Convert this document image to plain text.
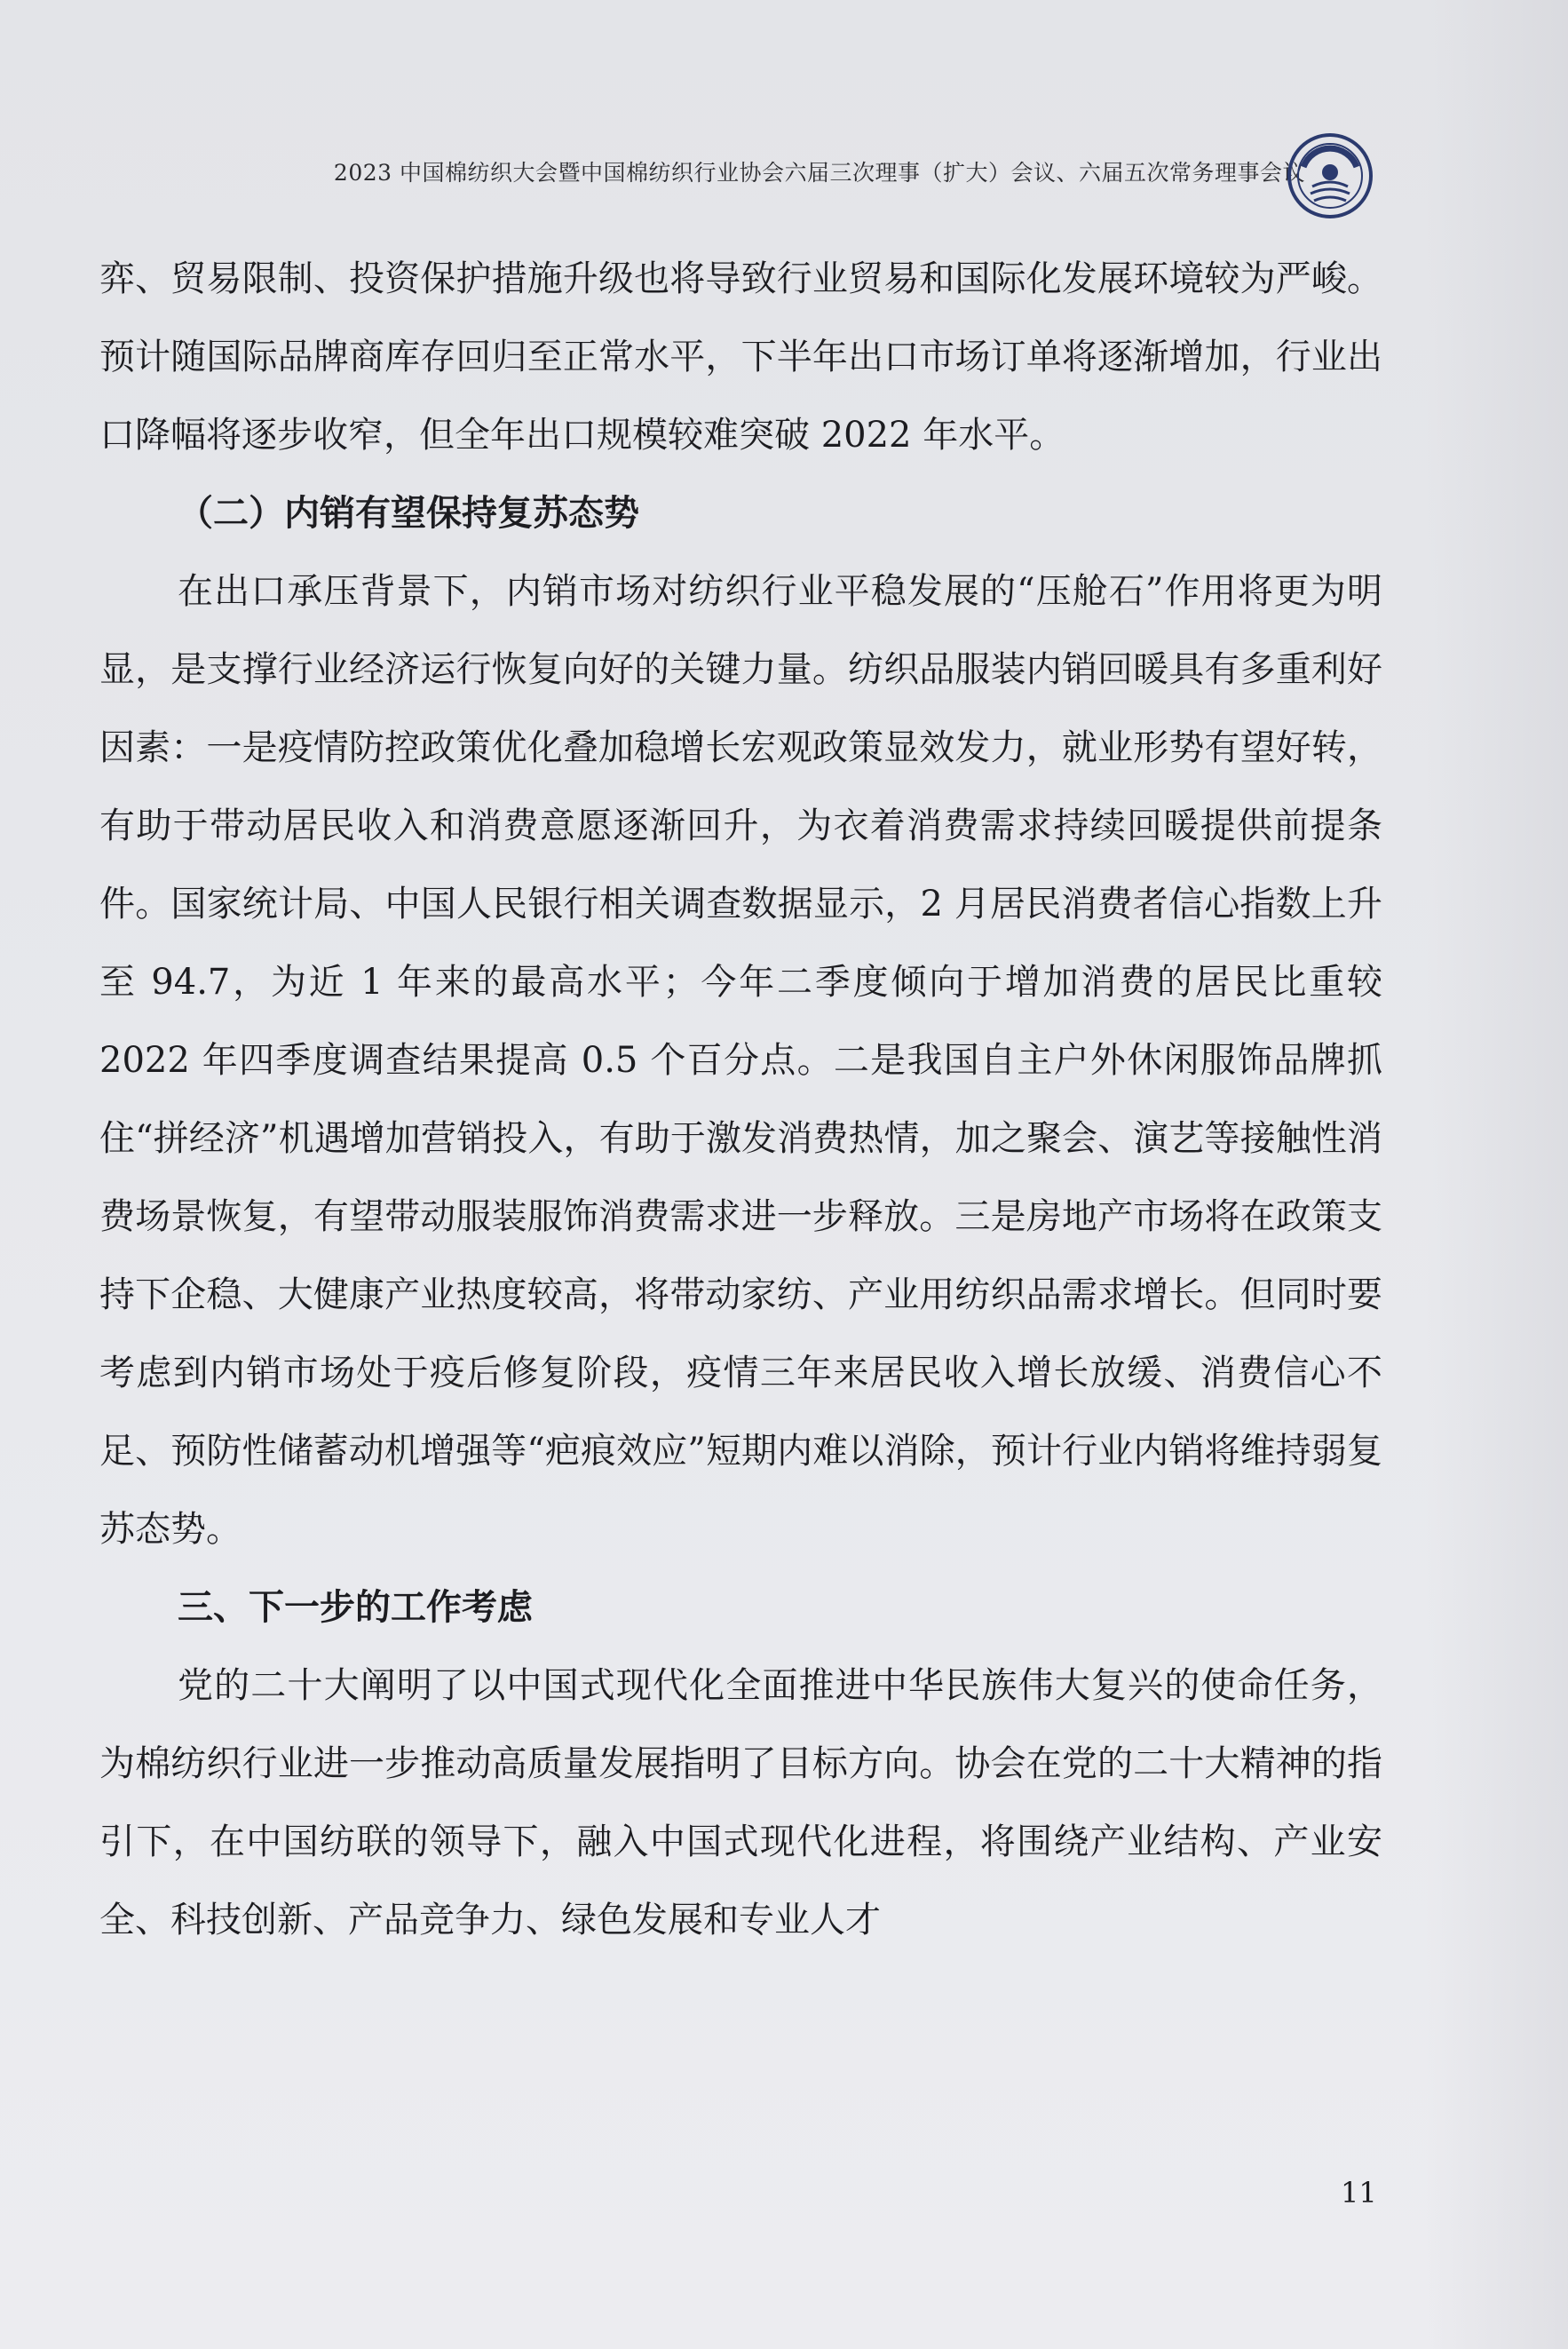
2023 中国棉纺织大会暨中国棉纺织行业协会六届三次理事（扩大）会议、六届五次常务理事会议

弈、贸易限制、投资保护措施升级也将导致行业贸易和国际化发展环境较为严峻。预计随国际品牌商库存回归至正常水平，下半年出口市场订单将逐渐增加，行业出口降幅将逐步收窄，但全年出口规模较难突破 2022 年水平。

（二）内销有望保持复苏态势

在出口承压背景下，内销市场对纺织行业平稳发展的“压舱石”作用将更为明显，是支撑行业经济运行恢复向好的关键力量。纺织品服装内销回暖具有多重利好因素：一是疫情防控政策优化叠加稳增长宏观政策显效发力，就业形势有望好转，有助于带动居民收入和消费意愿逐渐回升，为衣着消费需求持续回暖提供前提条件。国家统计局、中国人民银行相关调查数据显示，2 月居民消费者信心指数上升至 94.7，为近 1 年来的最高水平；今年二季度倾向于增加消费的居民比重较 2022 年四季度调查结果提高 0.5 个百分点。二是我国自主户外休闲服饰品牌抓住“拼经济”机遇增加营销投入，有助于激发消费热情，加之聚会、演艺等接触性消费场景恢复，有望带动服装服饰消费需求进一步释放。三是房地产市场将在政策支持下企稳、大健康产业热度较高，将带动家纺、产业用纺织品需求增长。但同时要考虑到内销市场处于疫后修复阶段，疫情三年来居民收入增长放缓、消费信心不足、预防性储蓄动机增强等“疤痕效应”短期内难以消除，预计行业内销将维持弱复苏态势。

三、下一步的工作考虑

党的二十大阐明了以中国式现代化全面推进中华民族伟大复兴的使命任务，为棉纺织行业进一步推动高质量发展指明了目标方向。协会在党的二十大精神的指引下，在中国纺联的领导下，融入中国式现代化进程，将围绕产业结构、产业安全、科技创新、产品竞争力、绿色发展和专业人才

11
